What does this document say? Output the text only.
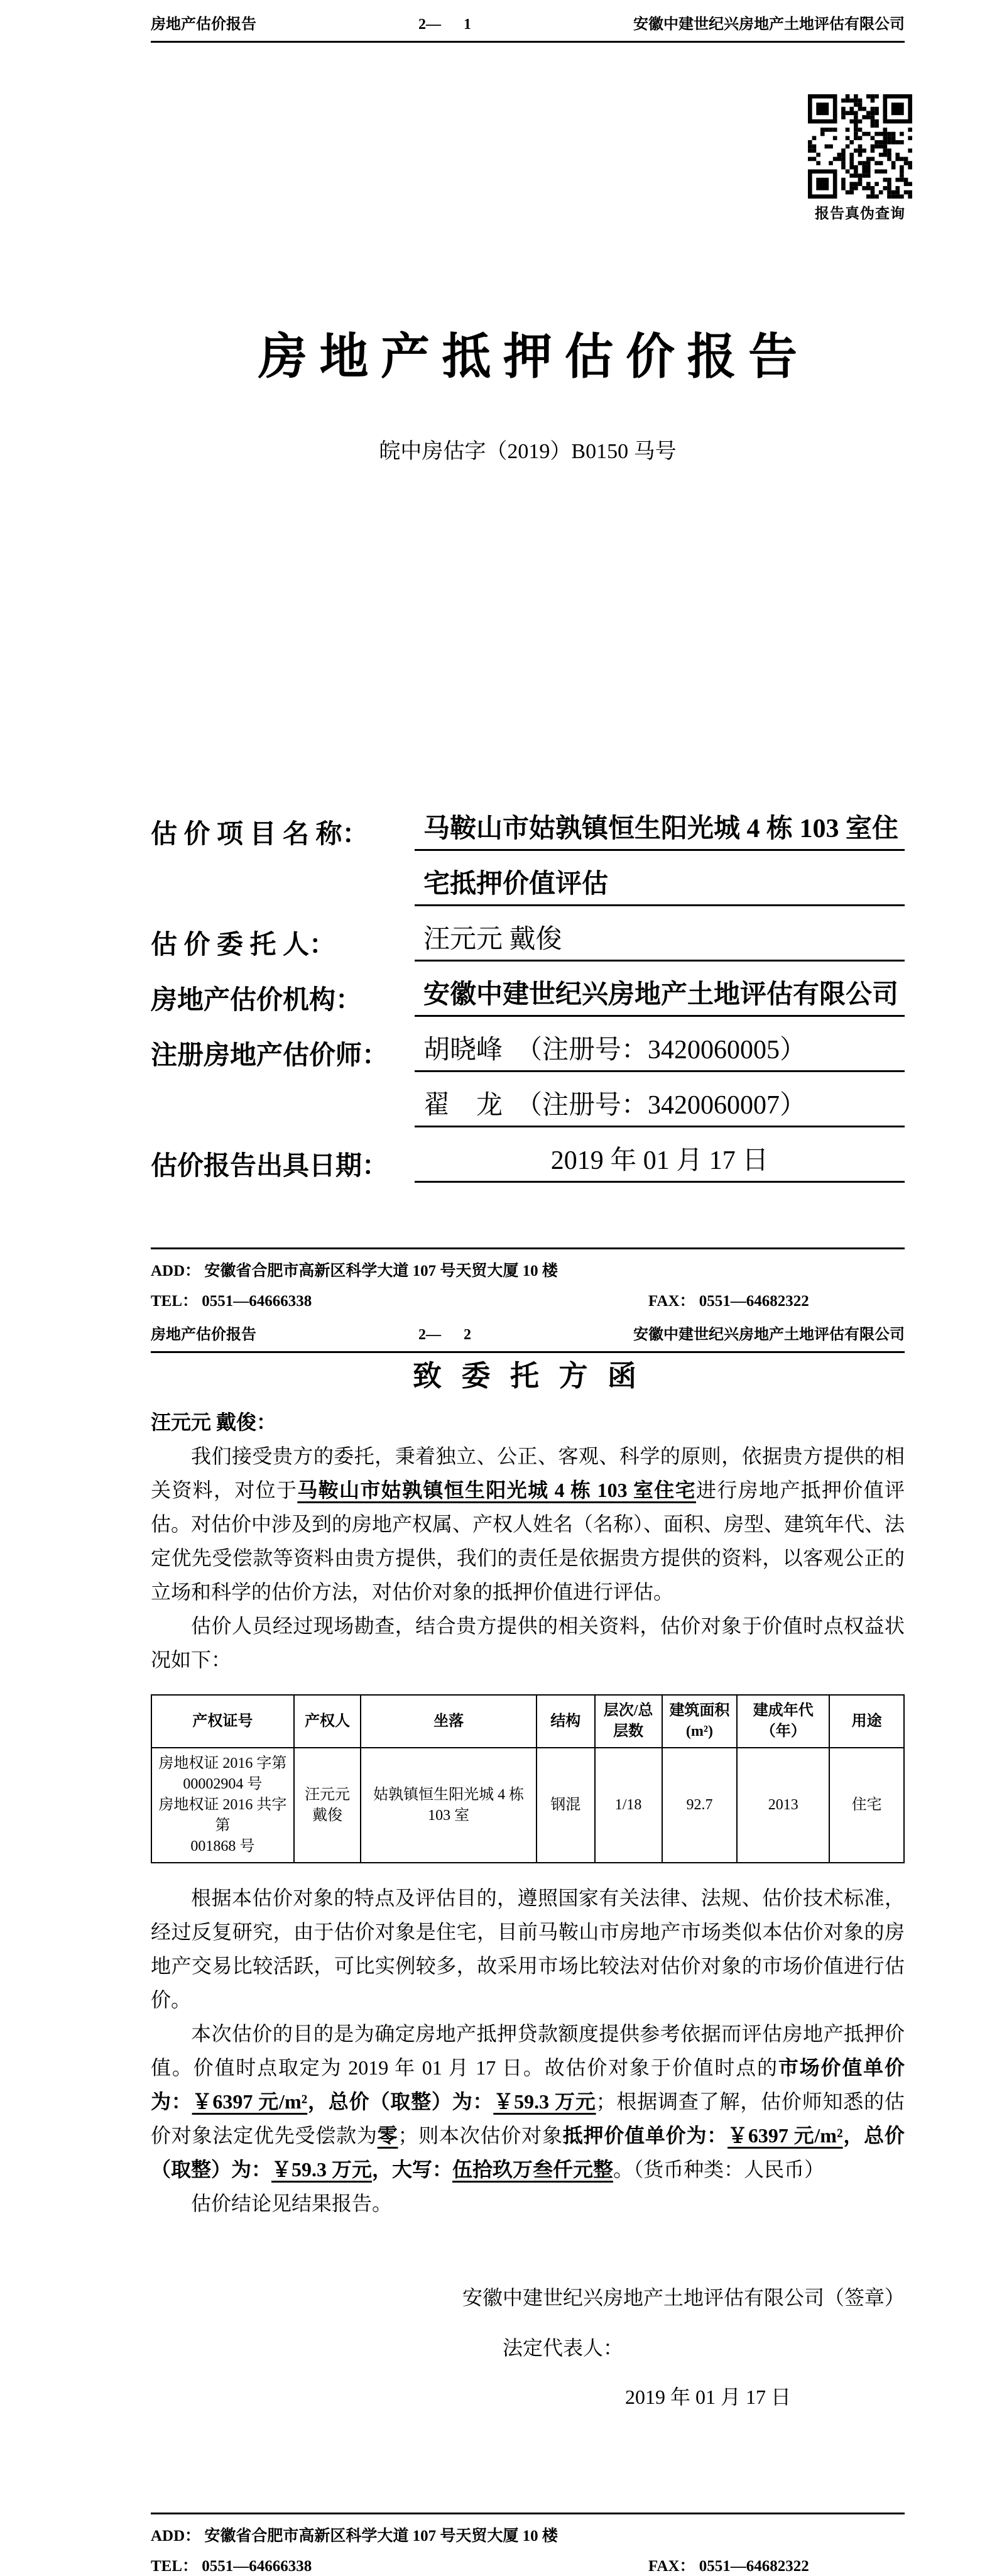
房地产估价报告	2—      1	安徽中建世纪兴房地产土地评估有限公司
报告真伪查询
房 地 产 抵 押 估 价 报 告
皖中房估字（2019）B0150 马号
估 价 项 目 名 称：	马鞍山市姑孰镇恒生阳光城 4 栋 103 室住
宅抵押价值评估
估 价 委 托 人：	汪元元 戴俊
房地产估价机构：	安徽中建世纪兴房地产土地评估有限公司
注册房地产估价师：	胡晓峰　（注册号：3420060005）
翟　龙　（注册号：3420060007）
估价报告出具日期：	2019 年 01 月 17 日
ADD： 安徽省合肥市高新区科学大道 107 号天贸大厦 10 楼
TEL： 0551—64666338	FAX： 0551—64682322
房地产估价报告	2—      2	安徽中建世纪兴房地产土地评估有限公司
致 委 托 方 函
汪元元 戴俊：

我们接受贵方的委托，秉着独立、公正、客观、科学的原则，依据贵方提供的相关资料，对位于马鞍山市姑孰镇恒生阳光城 4 栋 103 室住宅进行房地产抵押价值评估。对估价中涉及到的房地产权属、产权人姓名（名称）、面积、房型、建筑年代、法定优先受偿款等资料由贵方提供，我们的责任是依据贵方提供的资料，以客观公正的立场和科学的估价方法，对估价对象的抵押价值进行评估。

估价人员经过现场勘查，结合贵方提供的相关资料，估价对象于价值时点权益状况如下：

产权证号	产权人	坐落	结构	层次/总层数	建筑面积(m²)	建成年代（年）	用途
房地权证 2016 字第
00002904 号
房地权证 2016 共字第
001868 号	汪元元
戴俊	姑孰镇恒生阳光城 4 栋
103 室	钢混	1/18	92.7	2013	住宅

根据本估价对象的特点及评估目的，遵照国家有关法律、法规、估价技术标准，经过反复研究，由于估价对象是住宅，目前马鞍山市房地产市场类似本估价对象的房地产交易比较活跃，可比实例较多，故采用市场比较法对估价对象的市场价值进行估价。

本次估价的目的是为确定房地产抵押贷款额度提供参考依据而评估房地产抵押价值。价值时点取定为 2019 年 01 月 17 日。故估价对象于价值时点的市场价值单价为：￥6397 元/m²，总价（取整）为：￥59.3 万元；根据调查了解，估价师知悉的估价对象法定优先受偿款为零；则本次估价对象抵押价值单价为：￥6397 元/m²，总价（取整）为：￥59.3 万元，大写：伍拾玖万叁仟元整。（货币种类：人民币）

估价结论见结果报告。

安徽中建世纪兴房地产土地评估有限公司（签章）
法定代表人：
2019 年 01 月 17 日
ADD： 安徽省合肥市高新区科学大道 107 号天贸大厦 10 楼
TEL： 0551—64666338	FAX： 0551—64682322
